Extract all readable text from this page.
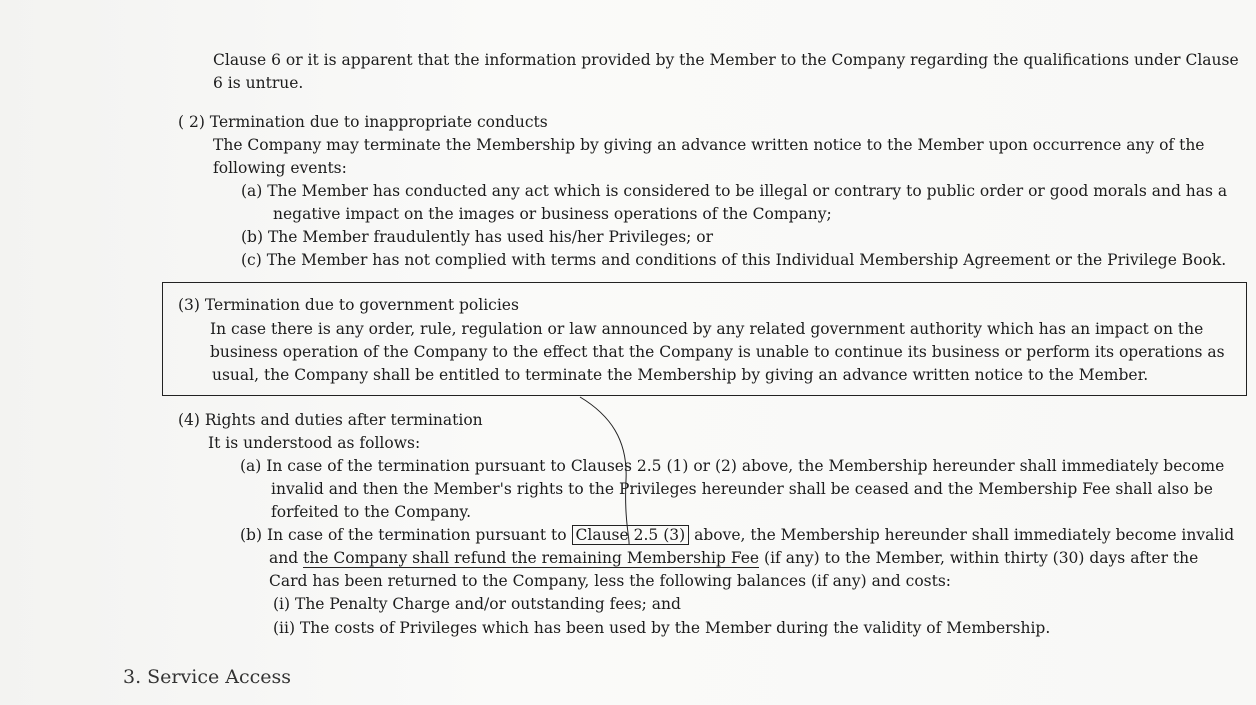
Clause 6 or it is apparent that the information provided by the Member to the Company regarding the qualifications under Clause
6 is untrue.
( 2) Termination due to inappropriate conducts
The Company may terminate the Membership by giving an advance written notice to the Member upon occurrence any of the
following events:
(a) The Member has conducted any act which is considered to be illegal or contrary to public order or good morals and has a
negative impact on the images or business operations of the Company;
(b) The Member fraudulently has used his/her Privileges; or
(c) The Member has not complied with terms and conditions of this Individual Membership Agreement or the Privilege Book.
(3) Termination due to government policies
In case there is any order, rule, regulation or law announced by any related government authority which has an impact on the
business operation of the Company to the effect that the Company is unable to continue its business or perform its operations as
usual, the Company shall be entitled to terminate the Membership by giving an advance written notice to the Member.
(4) Rights and duties after termination
It is understood as follows:
(a) In case of the termination pursuant to Clauses 2.5 (1) or (2) above, the Membership hereunder shall immediately become
invalid and then the Member's rights to the Privileges hereunder shall be ceased and the Membership Fee shall also be
forfeited to the Company.
(b) In case of the termination pursuant to Clause 2.5 (3) above, the Membership hereunder shall immediately become invalid
and the Company shall refund the remaining Membership Fee (if any) to the Member, within thirty (30) days after the
Card has been returned to the Company, less the following balances (if any) and costs:
(i) The Penalty Charge and/or outstanding fees; and
(ii) The costs of Privileges which has been used by the Member during the validity of Membership.
3. Service Access
